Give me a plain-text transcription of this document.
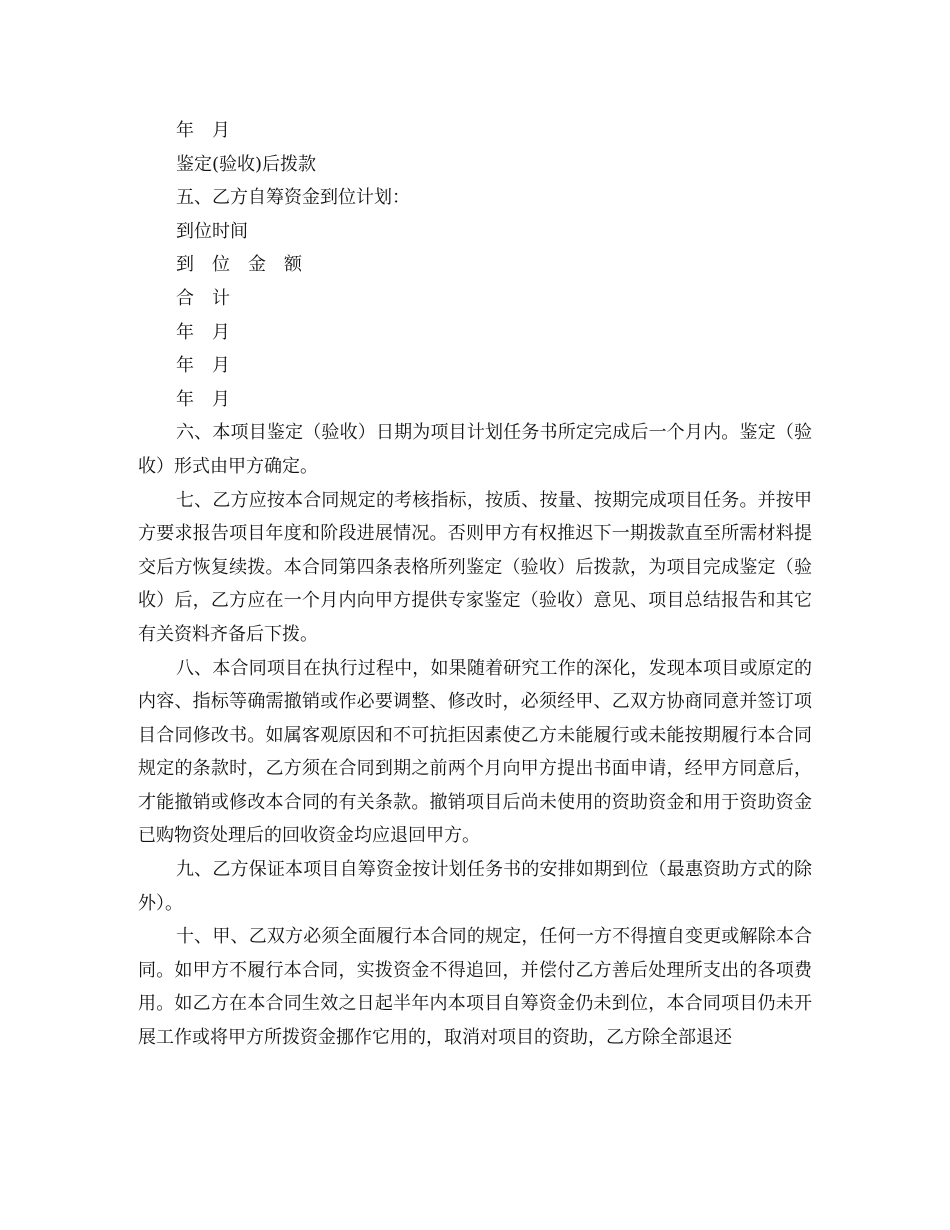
年　月

鉴定(验收)后拨款

五、乙方自筹资金到位计划：

到位时间

到　位　金　额

合　计

年　月

年　月

年　月

六、本项目鉴定（验收）日期为项目计划任务书所定完成后一个月内。鉴定（验收）形式由甲方确定。

七、乙方应按本合同规定的考核指标，按质、按量、按期完成项目任务。并按甲方要求报告项目年度和阶段进展情况。否则甲方有权推迟下一期拨款直至所需材料提交后方恢复续拨。本合同第四条表格所列鉴定（验收）后拨款，为项目完成鉴定（验收）后，乙方应在一个月内向甲方提供专家鉴定（验收）意见、项目总结报告和其它有关资料齐备后下拨。

八、本合同项目在执行过程中，如果随着研究工作的深化，发现本项目或原定的内容、指标等确需撤销或作必要调整、修改时，必须经甲、乙双方协商同意并签订项目合同修改书。如属客观原因和不可抗拒因素使乙方未能履行或未能按期履行本合同规定的条款时，乙方须在合同到期之前两个月向甲方提出书面申请，经甲方同意后，才能撤销或修改本合同的有关条款。撤销项目后尚未使用的资助资金和用于资助资金已购物资处理后的回收资金均应退回甲方。

九、乙方保证本项目自筹资金按计划任务书的安排如期到位（最惠资助方式的除外）。

十、甲、乙双方必须全面履行本合同的规定，任何一方不得擅自变更或解除本合同。如甲方不履行本合同，实拨资金不得追回，并偿付乙方善后处理所支出的各项费用。如乙方在本合同生效之日起半年内本项目自筹资金仍未到位，本合同项目仍未开展工作或将甲方所拨资金挪作它用的，取消对项目的资助，乙方除全部退还
